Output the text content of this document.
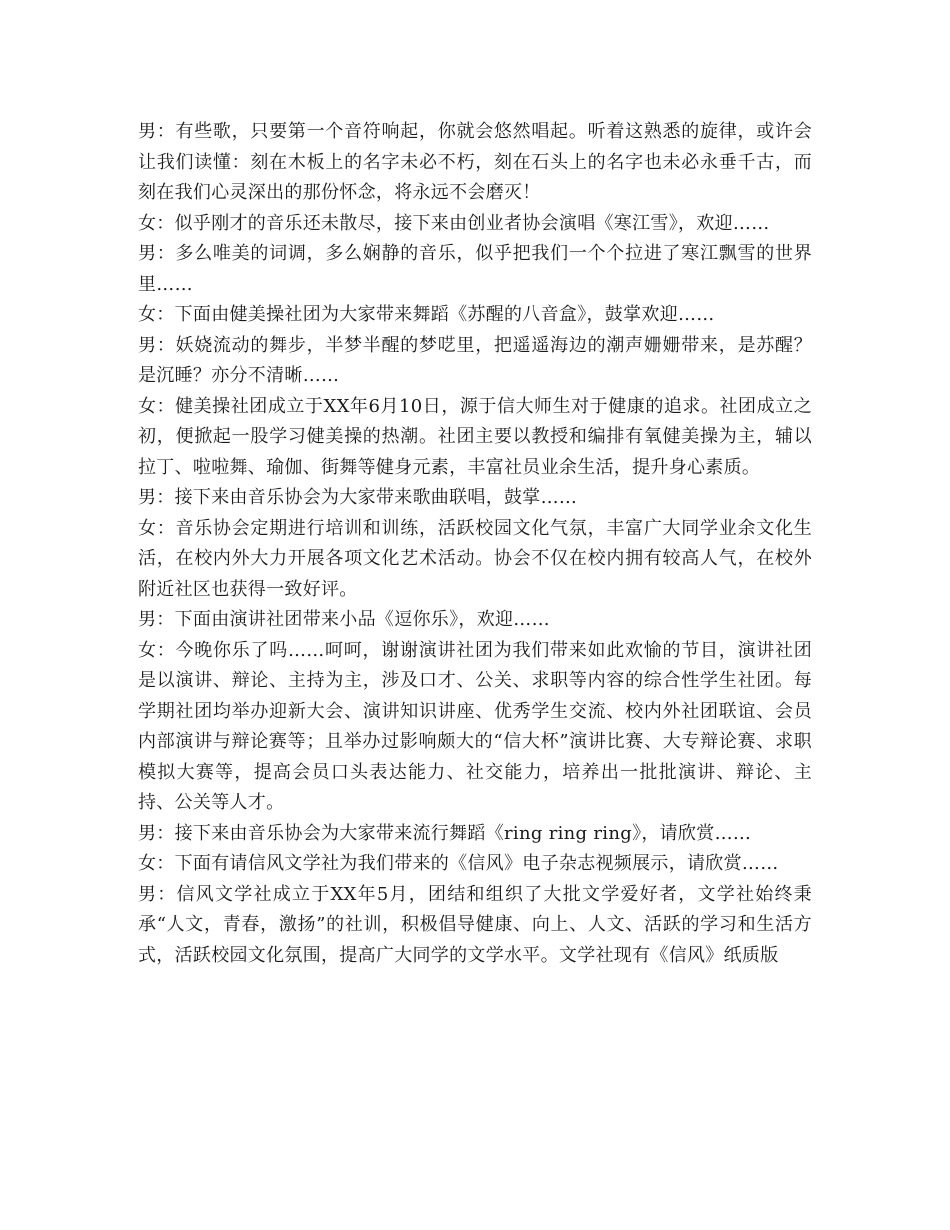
男：有些歌，只要第一个音符响起，你就会悠然唱起。听着这熟悉的旋律，或许会让我们读懂：刻在木板上的名字未必不朽，刻在石头上的名字也未必永垂千古，而刻在我们心灵深出的那份怀念，将永远不会磨灭！

女：似乎刚才的音乐还未散尽，接下来由创业者协会演唱《寒江雪》，欢迎……

男：多么唯美的词调，多么娴静的音乐，似乎把我们一个个拉进了寒江飘雪的世界里……

女：下面由健美操社团为大家带来舞蹈《苏醒的八音盒》，鼓掌欢迎……

男：妖娆流动的舞步，半梦半醒的梦呓里，把遥遥海边的潮声姗姗带来，是苏醒？是沉睡？亦分不清晰……

女：健美操社团成立于XX年6月10日，源于信大师生对于健康的追求。社团成立之初，便掀起一股学习健美操的热潮。社团主要以教授和编排有氧健美操为主，辅以拉丁、啦啦舞、瑜伽、街舞等健身元素，丰富社员业余生活，提升身心素质。

男：接下来由音乐协会为大家带来歌曲联唱，鼓掌……

女：音乐协会定期进行培训和训练，活跃校园文化气氛，丰富广大同学业余文化生活，在校内外大力开展各项文化艺术活动。协会不仅在校内拥有较高人气，在校外附近社区也获得一致好评。

男：下面由演讲社团带来小品《逗你乐》，欢迎……

女：今晚你乐了吗……呵呵，谢谢演讲社团为我们带来如此欢愉的节目，演讲社团是以演讲、辩论、主持为主，涉及口才、公关、求职等内容的综合性学生社团。每学期社团均举办迎新大会、演讲知识讲座、优秀学生交流、校内外社团联谊、会员内部演讲与辩论赛等；且举办过影响颇大的“信大杯”演讲比赛、大专辩论赛、求职模拟大赛等，提高会员口头表达能力、社交能力，培养出一批批演讲、辩论、主持、公关等人才。

男：接下来由音乐协会为大家带来流行舞蹈《ring ring ring》，请欣赏……

女：下面有请信风文学社为我们带来的《信风》电子杂志视频展示，请欣赏……

男：信风文学社成立于XX年5月，团结和组织了大批文学爱好者，文学社始终秉承“人文，青春，激扬”的社训，积极倡导健康、向上、人文、活跃的学习和生活方式，活跃校园文化氛围，提高广大同学的文学水平。文学社现有《信风》纸质版
